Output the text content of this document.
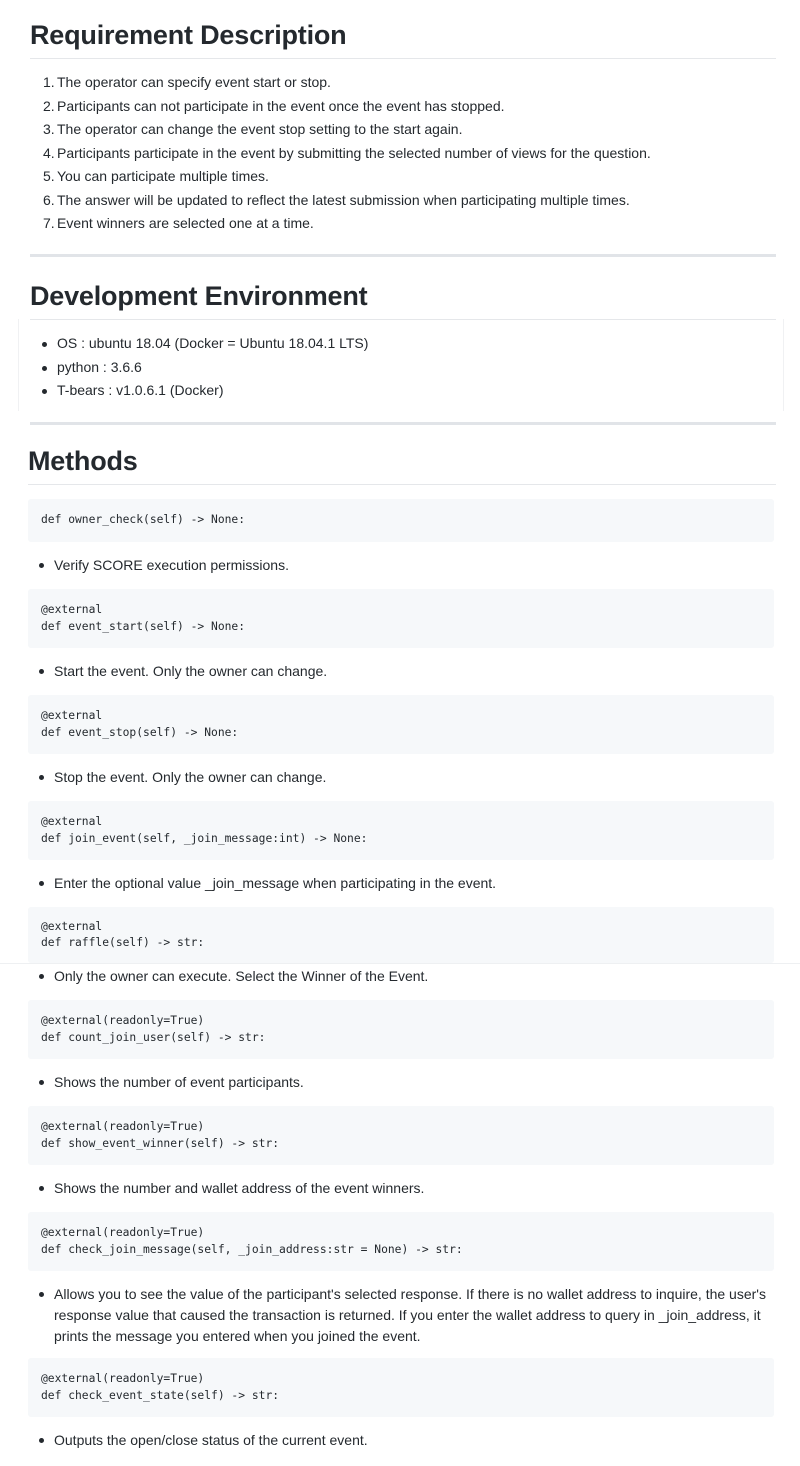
Requirement Description
1. The operator can specify event start or stop.
2. Participants can not participate in the event once the event has stopped.
3. The operator can change the event stop setting to the start again.
4. Participants participate in the event by submitting the selected number of views for the question.
5. You can participate multiple times.
6. The answer will be updated to reflect the latest submission when participating multiple times.
7. Event winners are selected one at a time.
Development Environment
OS : ubuntu 18.04 (Docker = Ubuntu 18.04.1 LTS)
python : 3.6.6
T-bears : v1.0.6.1 (Docker)
Methods
def owner_check(self) -> None:
Verify SCORE execution permissions.
@external
def event_start(self) -> None:
Start the event. Only the owner can change.
@external
def event_stop(self) -> None:
Stop the event. Only the owner can change.
@external
def join_event(self, _join_message:int) -> None:
Enter the optional value _join_message when participating in the event.
@external
def raffle(self) -> str:
Only the owner can execute. Select the Winner of the Event.
@external(readonly=True)
def count_join_user(self) -> str:
Shows the number of event participants.
@external(readonly=True)
def show_event_winner(self) -> str:
Shows the number and wallet address of the event winners.
@external(readonly=True)
def check_join_message(self, _join_address:str = None) -> str:
Allows you to see the value of the participant's selected response. If there is no wallet address to inquire, the user's response value that caused the transaction is returned. If you enter the wallet address to query in _join_address, it prints the message you entered when you joined the event.
@external(readonly=True)
def check_event_state(self) -> str:
Outputs the open/close status of the current event.
